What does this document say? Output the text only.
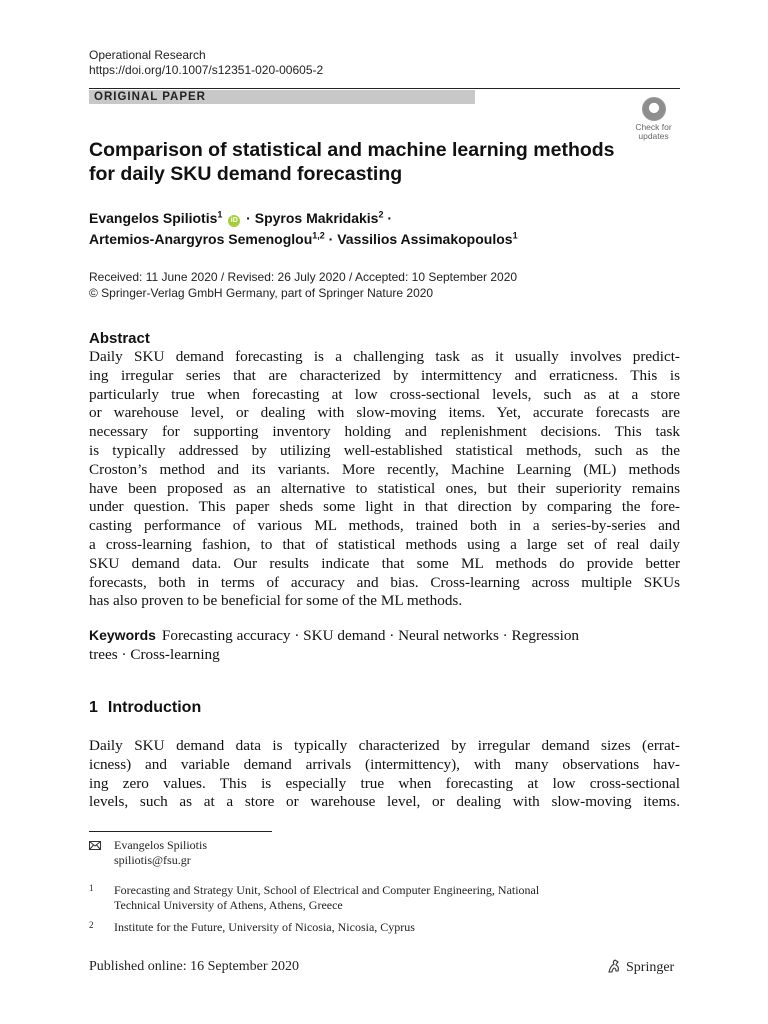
Operational Research
https://doi.org/10.1007/s12351-020-00605-2
ORIGINAL PAPER
Check for
updates
Comparison of statistical and machine learning methods
for daily SKU demand forecasting
Evangelos Spiliotis$^1$ iD · Spyros Makridakis$^2$ ·
Artemios‑Anargyros Semenoglou$^{1,2}$ · Vassilios Assimakopoulos$^1$
Received: 11 June 2020 / Revised: 26 July 2020 / Accepted: 10 September 2020
© Springer-Verlag GmbH Germany, part of Springer Nature 2020
Abstract
Daily SKU demand forecasting is a challenging task as it usually involves predict-
ing irregular series that are characterized by intermittency and erraticness. This is
particularly true when forecasting at low cross-sectional levels, such as at a store
or warehouse level, or dealing with slow-moving items. Yet, accurate forecasts are
necessary for supporting inventory holding and replenishment decisions. This task
is typically addressed by utilizing well-established statistical methods, such as the
Croston’s method and its variants. More recently, Machine Learning (ML) methods
have been proposed as an alternative to statistical ones, but their superiority remains
under question. This paper sheds some light in that direction by comparing the fore-
casting performance of various ML methods, trained both in a series-by-series and
a cross-learning fashion, to that of statistical methods using a large set of real daily
SKU demand data. Our results indicate that some ML methods do provide better
forecasts, both in terms of accuracy and bias. Cross-learning across multiple SKUs
has also proven to be beneficial for some of the ML methods.
Keywords Forecasting accuracy · SKU demand · Neural networks · Regression
trees · Cross-learning
1 Introduction
Daily SKU demand data is typically characterized by irregular demand sizes (errat-
icness) and variable demand arrivals (intermittency), with many observations hav-
ing zero values. This is especially true when forecasting at low cross-sectional
levels, such as at a store or warehouse level, or dealing with slow-moving items.
Evangelos Spiliotis
spiliotis@fsu.gr
1 Forecasting and Strategy Unit, School of Electrical and Computer Engineering, National
Technical University of Athens, Athens, Greece
2 Institute for the Future, University of Nicosia, Nicosia, Cyprus
Published online: 16 September 2020	Springer
